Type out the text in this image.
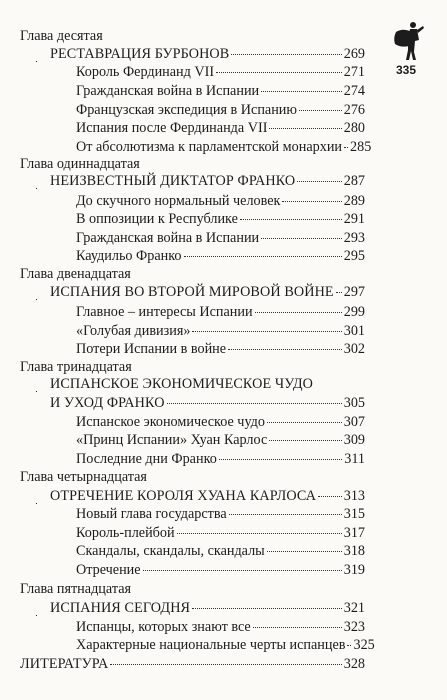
335
Глава десятая
РЕСТАВРАЦИЯ БУРБОНОВ	269
Король Фердинанд VII	271
Гражданская война в Испании	274
Французская экспедиция в Испанию	276
Испания после Фердинанда VII	280
От абсолютизма к парламентской монархии 285
Глава одиннадцатая
НЕИЗВЕСТНЫЙ ДИКТАТОР ФРАНКО	287
До скучного нормальный человек	289
В оппозиции к Республике	291
Гражданская война в Испании	293
Каудильо Франко	295
Глава двенадцатая
ИСПАНИЯ ВО ВТОРОЙ МИРОВОЙ ВОЙНЕ 297
Главное – интересы Испании	299
«Голубая дивизия»	301
Потери Испании в войне	302
Глава тринадцатая
ИСПАНСКОЕ ЭКОНОМИЧЕСКОЕ ЧУДО
И УХОД ФРАНКО	305
Испанское экономическое чудо	307
«Принц Испании» Хуан Карлос	309
Последние дни Франко	311
Глава четырнадцатая
ОТРЕЧЕНИЕ КОРОЛЯ ХУАНА КАРЛОСА 313
Новый глава государства	315
Король-плейбой	317
Скандалы, скандалы, скандалы	318
Отречение	319
Глава пятнадцатая
ИСПАНИЯ СЕГОДНЯ	321
Испанцы, которых знают все	323
Характерные национальные черты испанцев 325
ЛИТЕРАТУРА	328
